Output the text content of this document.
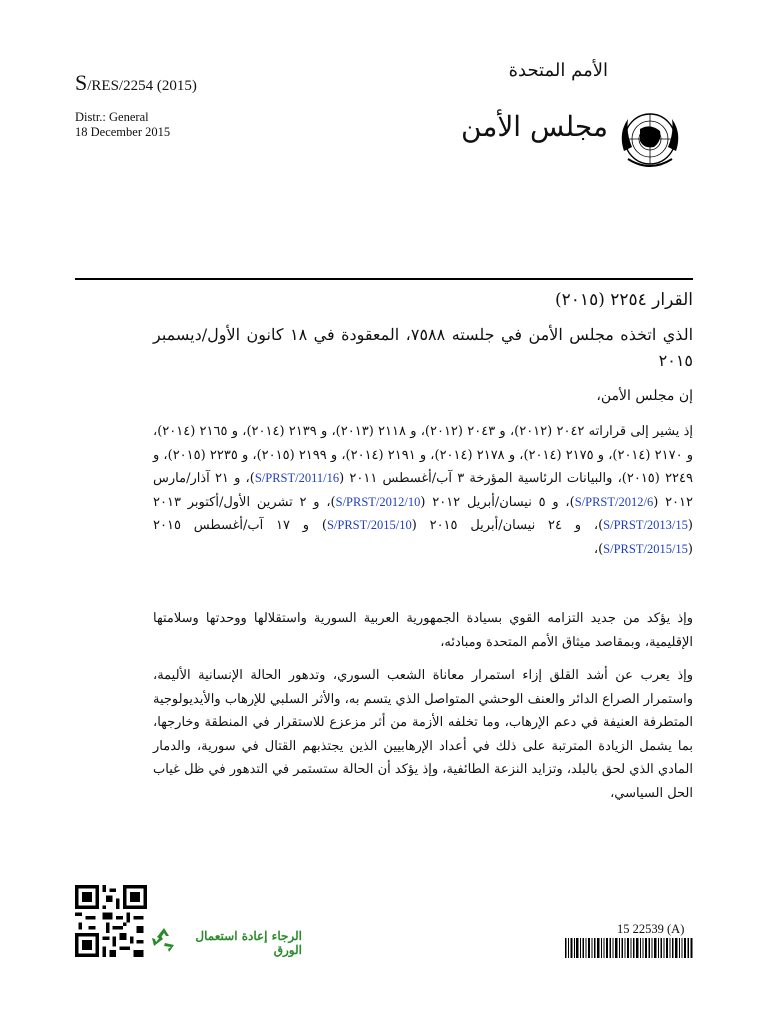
S/RES/2254 (2015)
Distr.: General
18 December 2015
الأمم المتحدة
مجلس الأمن
القرار ٢٢٥٤ (٢٠١٥)
الذي اتخذه مجلس الأمن في جلسته ٧٥٨٨، المعقودة في ١٨ كانون الأول/ديسمبر ٢٠١٥
إن مجلس الأمن،
إذ يشير إلى قراراته ٢٠٤٢ (٢٠١٢)، و ٢٠٤٣ (٢٠١٢)، و ٢١١٨ (٢٠١٣)، و ٢١٣٩ (٢٠١٤)، و ٢١٦٥ (٢٠١٤)، و ٢١٧٠ (٢٠١٤)، و ٢١٧٥ (٢٠١٤)، و ٢١٧٨ (٢٠١٤)، و ٢١٩١ (٢٠١٤)، و ٢١٩٩ (٢٠١٥)، و ٢٢٣٥ (٢٠١٥)، و ٢٢٤٩ (٢٠١٥)، والبيانات الرئاسية المؤرخة ٣ آب/أغسطس ٢٠١١ (S/PRST/2011/16)، و ٢١ آذار/مارس ٢٠١٢ (S/PRST/2012/6)، و ٥ نيسان/أبريل ٢٠١٢ (S/PRST/2012/10)، و ٢ تشرين الأول/أكتوبر ٢٠١٣ (S/PRST/2013/15)، و ٢٤ نيسان/أبريل ٢٠١٥ (S/PRST/2015/10) و ١٧ آب/أغسطس ٢٠١٥ (S/PRST/2015/15)،
وإذ يؤكد من جديد التزامه القوي بسيادة الجمهورية العربية السورية واستقلالها ووحدتها وسلامتها الإقليمية، وبمقاصد ميثاق الأمم المتحدة ومبادئه،
وإذ يعرب عن أشد القلق إزاء استمرار معاناة الشعب السوري، وتدهور الحالة الإنسانية الأليمة، واستمرار الصراع الدائر والعنف الوحشي المتواصل الذي يتسم به، والأثر السلبي للإرهاب والأيديولوجية المتطرفة العنيفة في دعم الإرهاب، وما تخلفه الأزمة من أثر مزعزع للاستقرار في المنطقة وخارجها، بما يشمل الزيادة المترتبة على ذلك في أعداد الإرهابيين الذين يجتذبهم القتال في سورية، والدمار المادي الذي لحق بالبلد، وتزايد النزعة الطائفية، وإذ يؤكد أن الحالة ستستمر في التدهور في ظل غياب الحل السياسي،
الرجاء إعادة استعمال الورق
15 22539 (A)
